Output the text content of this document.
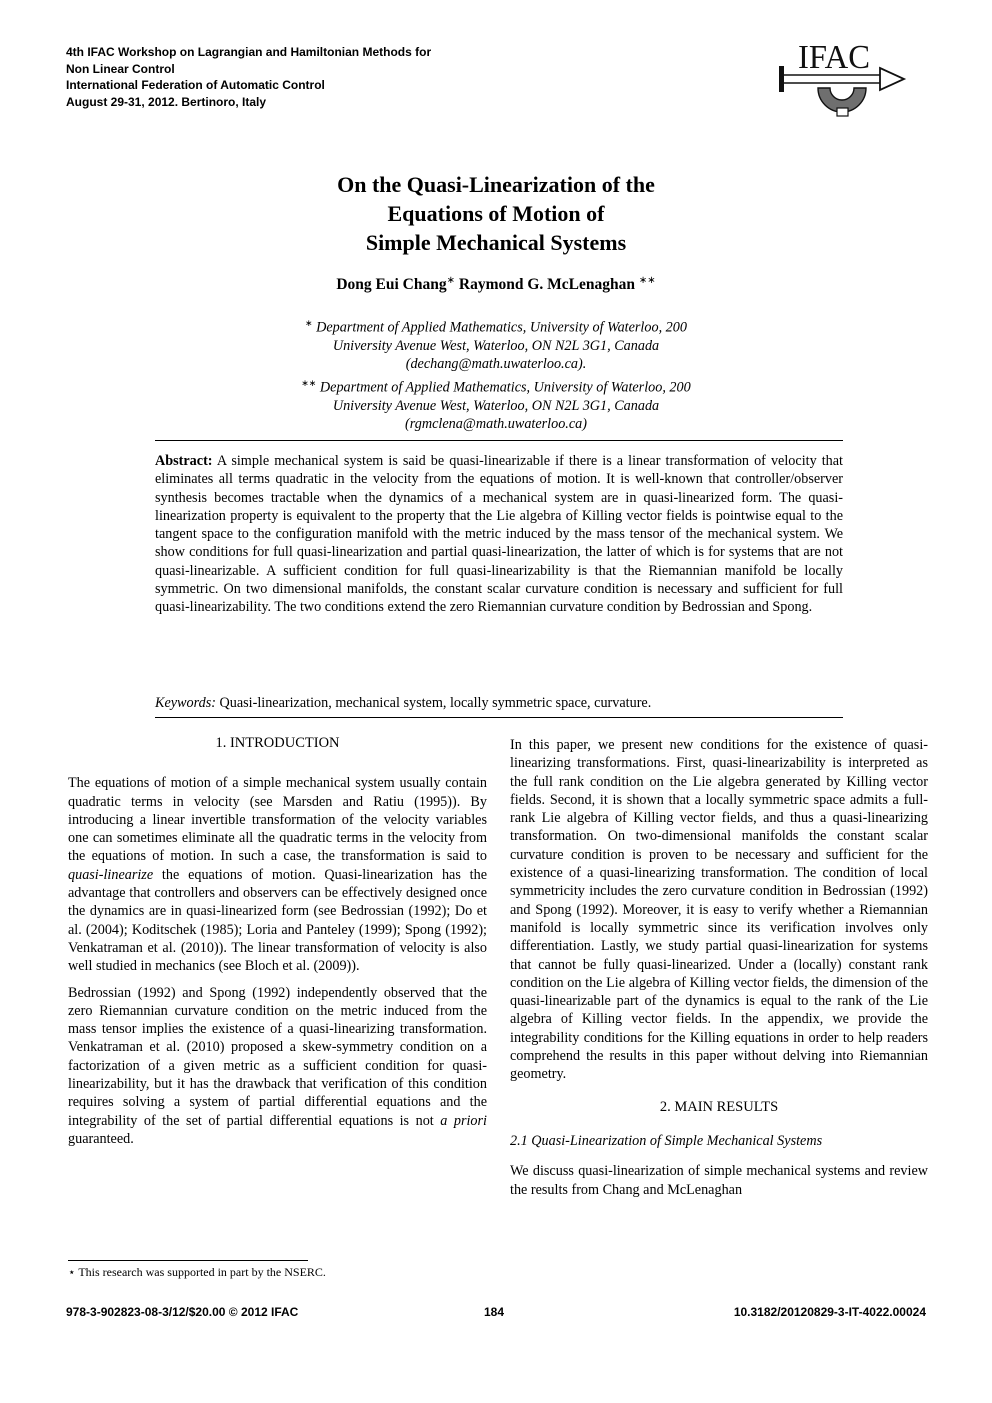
4th IFAC Workshop on Lagrangian and Hamiltonian Methods for
Non Linear Control
International Federation of Automatic Control
August 29-31, 2012. Bertinoro, Italy
IFAC
On the Quasi-Linearization of the
Equations of Motion of
Simple Mechanical Systems
Dong Eui Chang∗ Raymond G. McLenaghan ∗∗
∗ Department of Applied Mathematics, University of Waterloo, 200
University Avenue West, Waterloo, ON N2L 3G1, Canada
(dechang@math.uwaterloo.ca).
∗∗ Department of Applied Mathematics, University of Waterloo, 200
University Avenue West, Waterloo, ON N2L 3G1, Canada
(rgmclena@math.uwaterloo.ca)
Abstract: A simple mechanical system is said be quasi-linearizable if there is a linear transformation of velocity that eliminates all terms quadratic in the velocity from the equations of motion. It is well-known that controller/observer synthesis becomes tractable when the dynamics of a mechanical system are in quasi-linearized form. The quasi-linearization property is equivalent to the property that the Lie algebra of Killing vector fields is pointwise equal to the tangent space to the configuration manifold with the metric induced by the mass tensor of the mechanical system. We show conditions for full quasi-linearization and partial quasi-linearization, the latter of which is for systems that are not quasi-linearizable. A sufficient condition for full quasi-linearizability is that the Riemannian manifold be locally symmetric. On two dimensional manifolds, the constant scalar curvature condition is necessary and sufficient for full quasi-linearizability. The two conditions extend the zero Riemannian curvature condition by Bedrossian and Spong.
Keywords: Quasi-linearization, mechanical system, locally symmetric space, curvature.
1. INTRODUCTION

The equations of motion of a simple mechanical system usually contain quadratic terms in velocity (see Marsden and Ratiu (1995)). By introducing a linear invertible transformation of the velocity variables one can sometimes eliminate all the quadratic terms in the velocity from the equations of motion. In such a case, the transformation is said to quasi-linearize the equations of motion. Quasi-linearization has the advantage that controllers and observers can be effectively designed once the dynamics are in quasi-linearized form (see Bedrossian (1992); Do et al. (2004); Koditschek (1985); Loria and Panteley (1999); Spong (1992); Venkatraman et al. (2010)). The linear transformation of velocity is also well studied in mechanics (see Bloch et al. (2009)).

Bedrossian (1992) and Spong (1992) independently observed that the zero Riemannian curvature condition on the metric induced from the mass tensor implies the existence of a quasi-linearizing transformation. Venkatraman et al. (2010) proposed a skew-symmetry condition on a factorization of a given metric as a sufficient condition for quasi-linearizability, but it has the drawback that verification of this condition requires solving a system of partial differential equations and the integrability of the set of partial differential equations is not a priori guaranteed.

In this paper, we present new conditions for the existence of quasi-linearizing transformations. First, quasi-linearizability is interpreted as the full rank condition on the Lie algebra generated by Killing vector fields. Second, it is shown that a locally symmetric space admits a full-rank Lie algebra of Killing vector fields, and thus a quasi-linearizing transformation. On two-dimensional manifolds the constant scalar curvature condition is proven to be necessary and sufficient for the existence of a quasi-linearizing transformation. The condition of local symmetricity includes the zero curvature condition in Bedrossian (1992) and Spong (1992). Moreover, it is easy to verify whether a Riemannian manifold is locally symmetric since its verification involves only differentiation. Lastly, we study partial quasi-linearization for systems that cannot be fully quasi-linearized. Under a (locally) constant rank condition on the Lie algebra of Killing vector fields, the dimension of the quasi-linearizable part of the dynamics is equal to the rank of the Lie algebra of Killing vector fields. In the appendix, we provide the integrability conditions for the Killing equations in order to help readers comprehend the results in this paper without delving into Riemannian geometry.

2. MAIN RESULTS
2.1 Quasi-Linearization of Simple Mechanical Systems

We discuss quasi-linearization of simple mechanical systems and review the results from Chang and McLenaghan

⋆ This research was supported in part by the NSERC.
978-3-902823-08-3/12/$20.00 © 2012 IFAC	184	10.3182/20120829-3-IT-4022.00024
